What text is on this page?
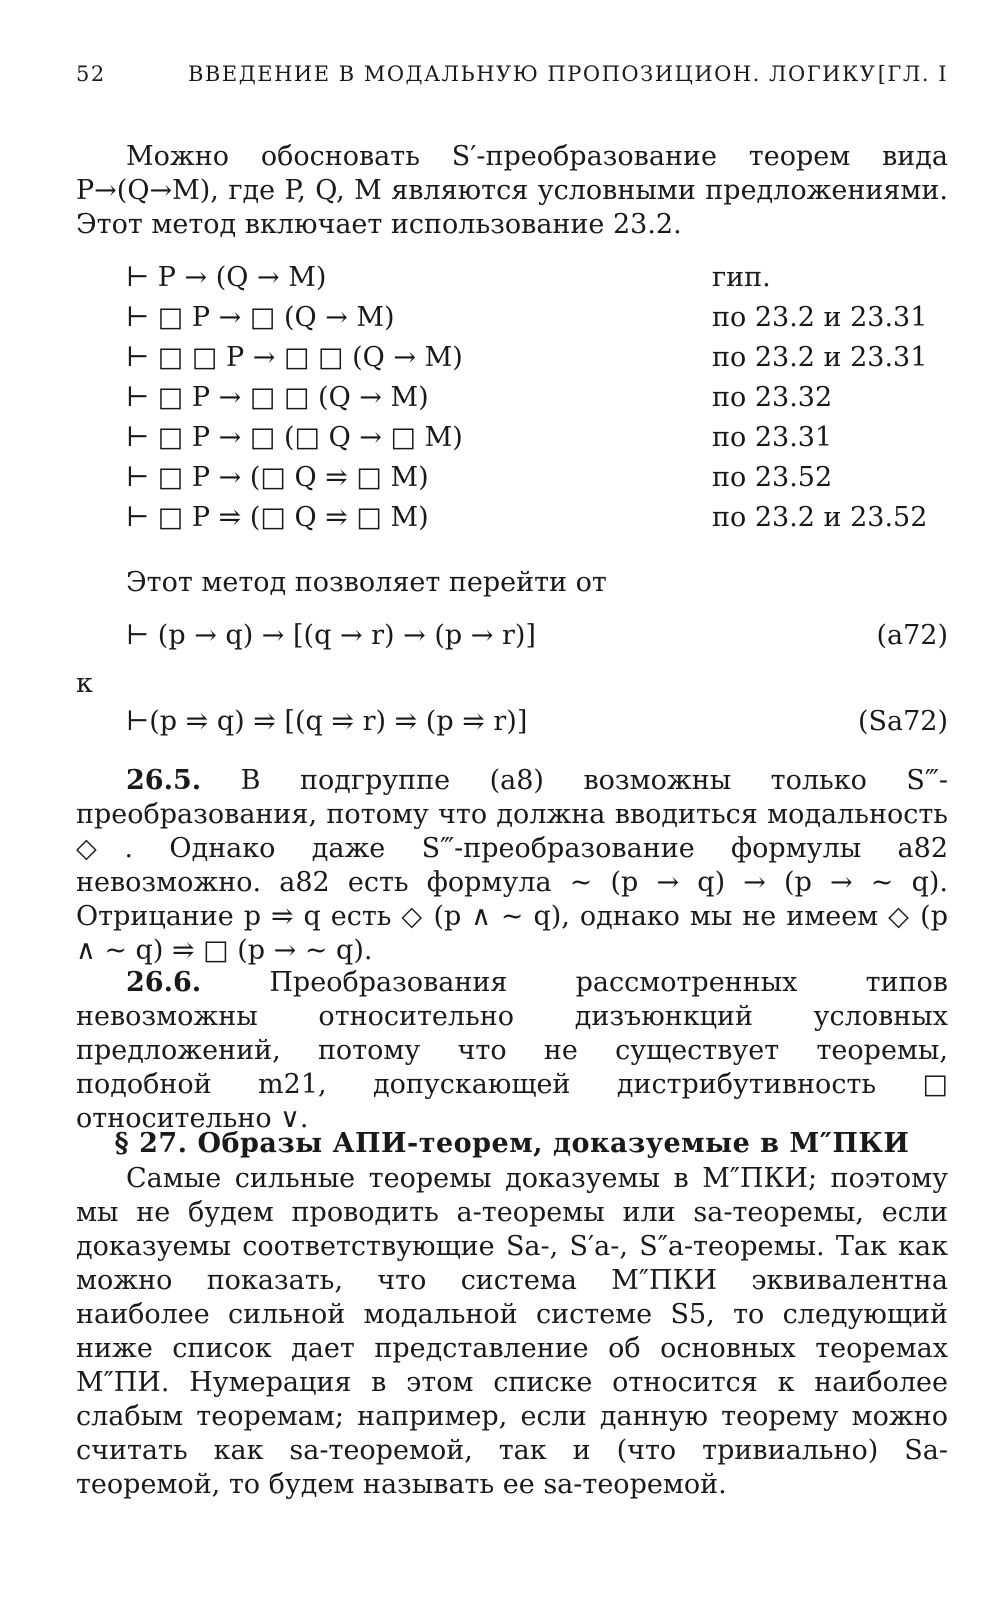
52	ВВЕДЕНИЕ В МОДАЛЬНУЮ ПРОПОЗИЦИОН. ЛОГИКУ [ГЛ. I

Можно обосновать S′-преобразование теорем вида P→(Q→M), где P, Q, M являются условными предложениями. Этот метод включает использование 23.2.

⊢ P → (Q → M)	гип.
⊢ □ P → □ (Q → M)	по 23.2 и 23.31
⊢ □ □ P → □ □ (Q → M)	по 23.2 и 23.31
⊢ □ P → □ □ (Q → M)	по 23.32
⊢ □ P → □ (□ Q → □ M)	по 23.31
⊢ □ P → (□ Q ⥤ □ M)	по 23.52
⊢ □ P ⥤ (□ Q ⥤ □ M)	по 23.2 и 23.52

Этот метод позволяет перейти от

⊢ (p → q) → [(q → r) → (p → r)]	(a72)
к
⊢(p ⥤ q) ⥤ [(q ⥤ r) ⥤ (p ⥤ r)]	(Sa72)

26.5. В подгруппе (a8) возможны только S‴-преобразования, потому что должна вводиться модальность ◇. Однако даже S‴-преобразование формулы a82 невозможно. a82 есть формула ~ (p → q) → (p → ~ q). Отрицание p ⥤ q есть ◇ (p ∧ ~ q), однако мы не имеем ◇ (p ∧ ~ q) ⥤ □ (p → ~ q).

26.6. Преобразования рассмотренных типов невозможны относительно дизъюнкций условных предложений, потому что не существует теоремы, подобной m21, допускающей дистрибутивность □ относительно ∨.

§ 27. Образы АПИ-теорем, доказуемые в M″ПКИ

Самые сильные теоремы доказуемы в M″ПКИ; поэтому мы не будем проводить a-теоремы или sa-теоремы, если доказуемы соответствующие Sa-, S′a-, S″a-теоремы. Так как можно показать, что система M″ПКИ эквивалентна наиболее сильной модальной системе S5, то следующий ниже список дает представление об основных теоремах M″ПИ. Нумерация в этом списке относится к наиболее слабым теоремам; например, если данную теорему можно считать как sa-теоремой, так и (что тривиально) Sa-теоремой, то будем называть ее sa-теоремой.
